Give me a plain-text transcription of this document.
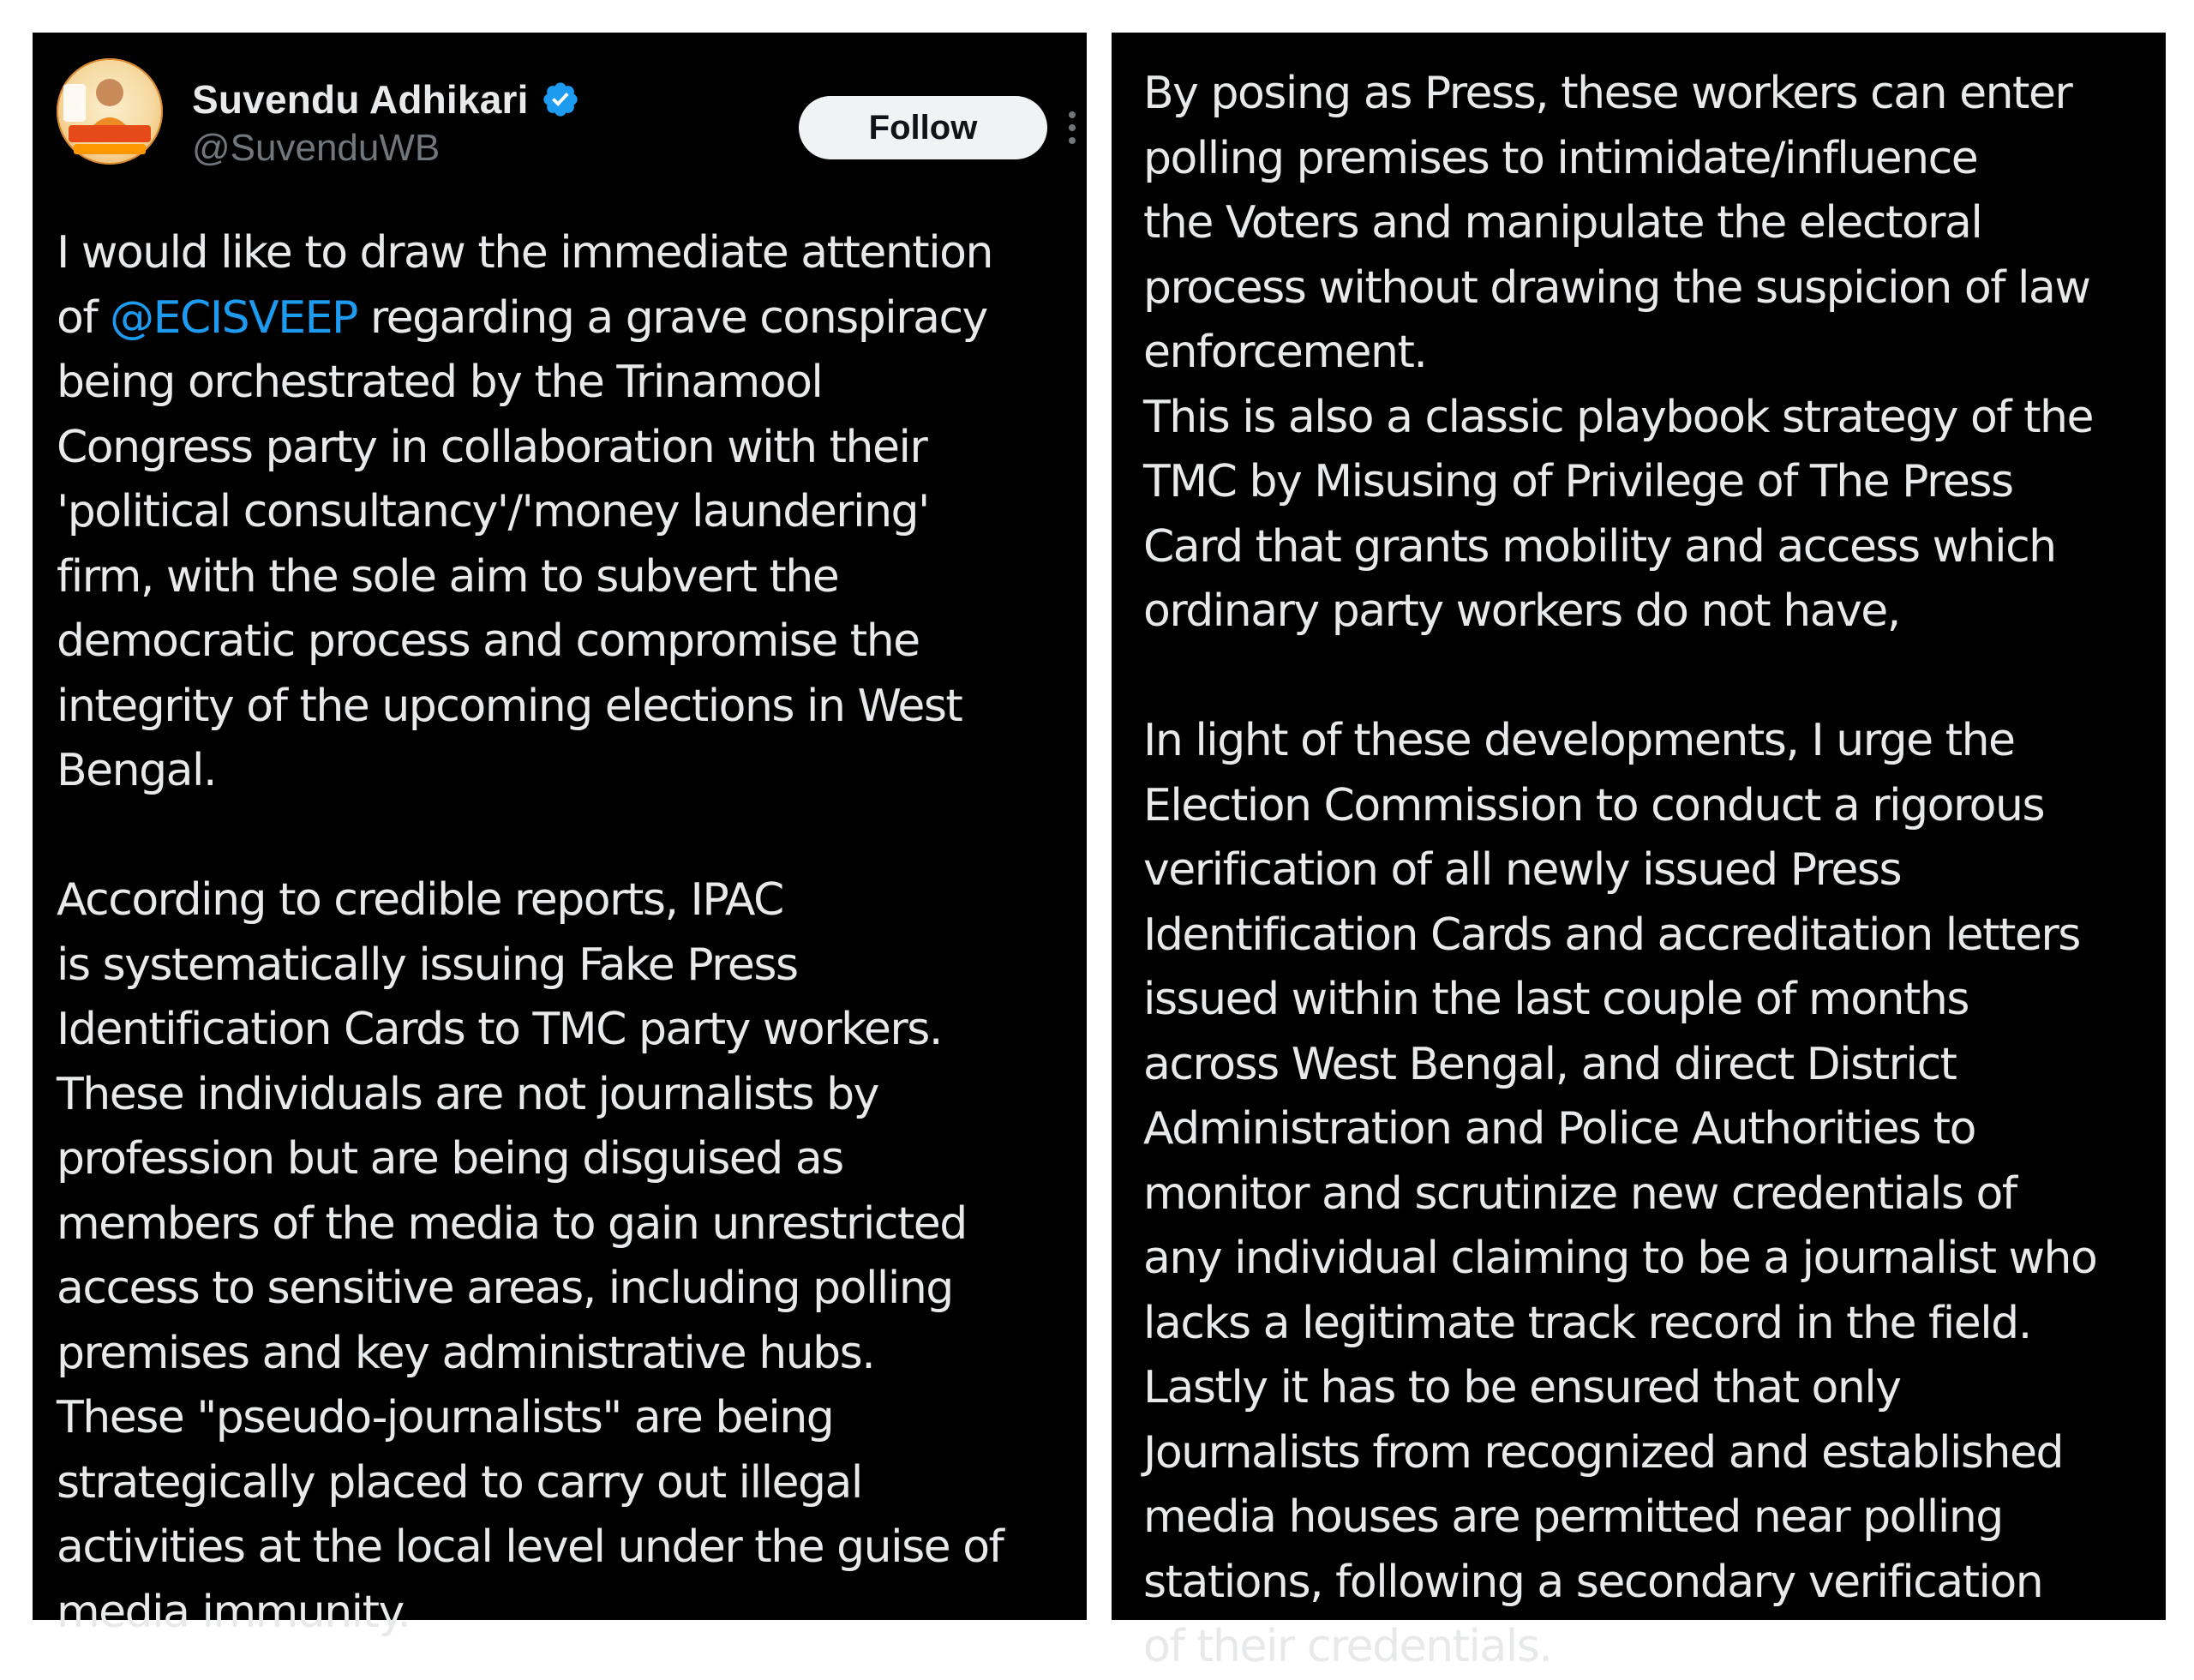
Suvendu Adhikari
@SuvenduWB	Follow

I would like to draw the immediate attention

of @ECISVEEP regarding a grave conspiracy

being orchestrated by the Trinamool

Congress party in collaboration with their

'political consultancy'/'money laundering'

firm, with the sole aim to subvert the

democratic process and compromise the

integrity of the upcoming elections in West

Bengal.

According to credible reports, IPAC

is systematically issuing Fake Press

Identification Cards to TMC party workers.

These individuals are not journalists by

profession but are being disguised as

members of the media to gain unrestricted

access to sensitive areas, including polling

premises and key administrative hubs.

These "pseudo-journalists" are being

strategically placed to carry out illegal

activities at the local level under the guise of

media immunity.

By posing as Press, these workers can enter

polling premises to intimidate/influence

the Voters and manipulate the electoral

process without drawing the suspicion of law

enforcement.

This is also a classic playbook strategy of the

TMC by Misusing of Privilege of The Press

Card that grants mobility and access which

ordinary party workers do not have,

In light of these developments, I urge the

Election Commission to conduct a rigorous

verification of all newly issued Press

Identification Cards and accreditation letters

issued within the last couple of months

across West Bengal, and direct District

Administration and Police Authorities to

monitor and scrutinize new credentials of

any individual claiming to be a journalist who

lacks a legitimate track record in the field.

Lastly it has to be ensured that only

Journalists from recognized and established

media houses are permitted near polling

stations, following a secondary verification

of their credentials.
